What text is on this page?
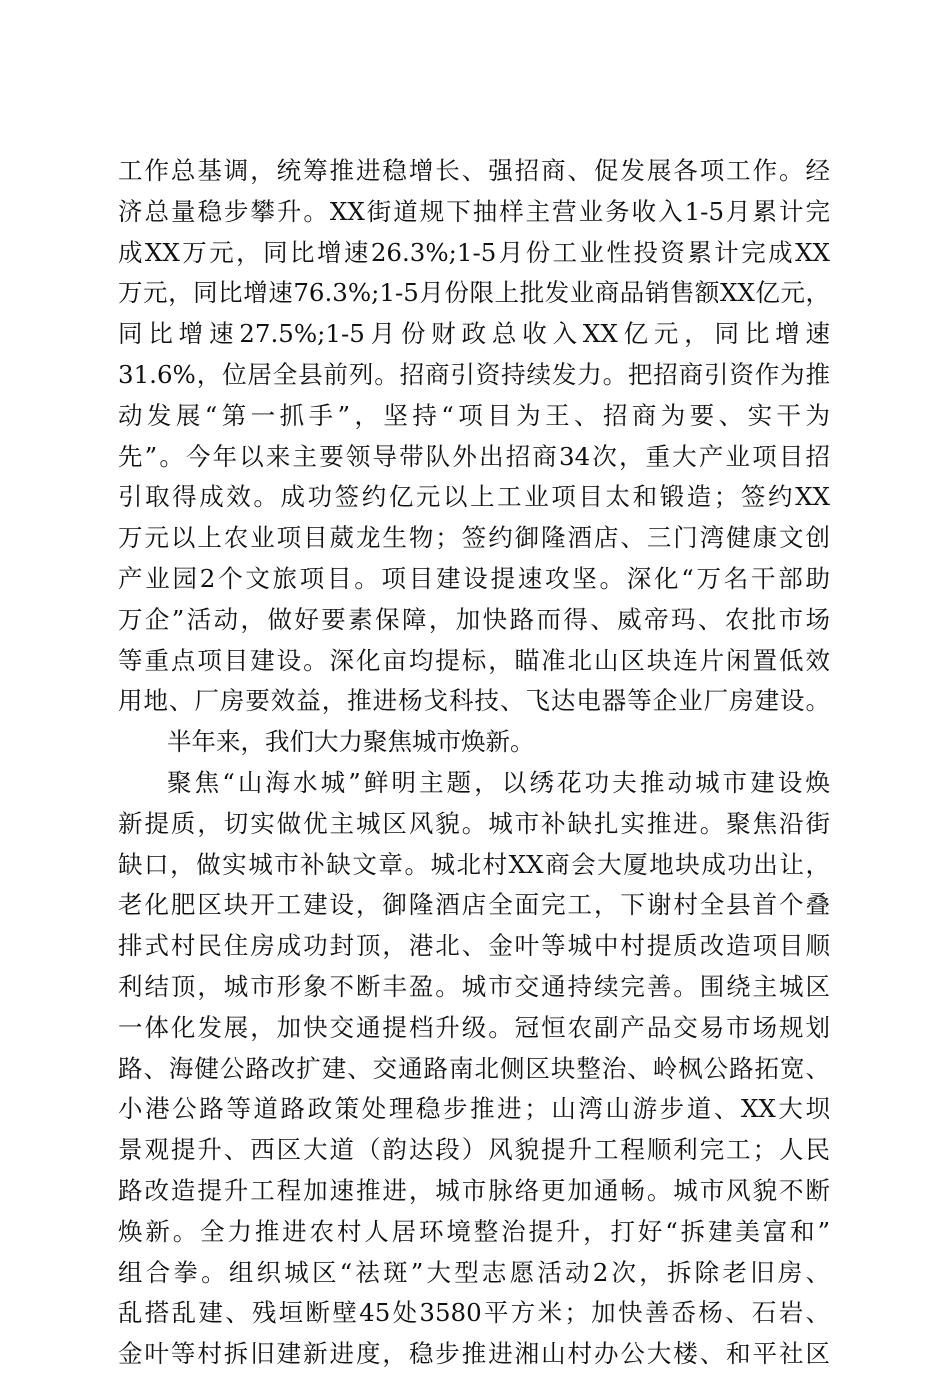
工作总基调，统筹推进稳增长、强招商、促发展各项工作。经
济总量稳步攀升。XX街道规下抽样主营业务收入1-5月累计完
成XX万元，同比增速26.3%;1-5月份工业性投资累计完成XX
万元，同比增速76.3%;1-5月份限上批发业商品销售额XX亿元，
同比增速27.5%;1-5月份财政总收入XX亿元，同比增速
31.6%，位居全县前列。招商引资持续发力。把招商引资作为推
动发展“第一抓手”，坚持“项目为王、招商为要、实干为
先”。今年以来主要领导带队外出招商34次，重大产业项目招
引取得成效。成功签约亿元以上工业项目太和锻造；签约XX
万元以上农业项目葳龙生物；签约御隆酒店、三门湾健康文创
产业园2个文旅项目。项目建设提速攻坚。深化“万名干部助
万企”活动，做好要素保障，加快路而得、威帝玛、农批市场
等重点项目建设。深化亩均提标，瞄准北山区块连片闲置低效
用地、厂房要效益，推进杨戈科技、飞达电器等企业厂房建设。
半年来，我们大力聚焦城市焕新。
聚焦“山海水城”鲜明主题，以绣花功夫推动城市建设焕
新提质，切实做优主城区风貌。城市补缺扎实推进。聚焦沿街
缺口，做实城市补缺文章。城北村XX商会大厦地块成功出让，
老化肥区块开工建设，御隆酒店全面完工，下谢村全县首个叠
排式村民住房成功封顶，港北、金叶等城中村提质改造项目顺
利结顶，城市形象不断丰盈。城市交通持续完善。围绕主城区
一体化发展，加快交通提档升级。冠恒农副产品交易市场规划
路、海健公路改扩建、交通路南北侧区块整治、岭枫公路拓宽、
小港公路等道路政策处理稳步推进；山湾山游步道、XX大坝
景观提升、西区大道（韵达段）风貌提升工程顺利完工；人民
路改造提升工程加速推进，城市脉络更加通畅。城市风貌不断
焕新。全力推进农村人居环境整治提升，打好“拆建美富和”
组合拳。组织城区“祛斑”大型志愿活动2次，拆除老旧房、
乱搭乱建、残垣断壁45处3580平方米；加快善岙杨、石岩、
金叶等村拆旧建新进度，稳步推进湘山村办公大楼、和平社区
